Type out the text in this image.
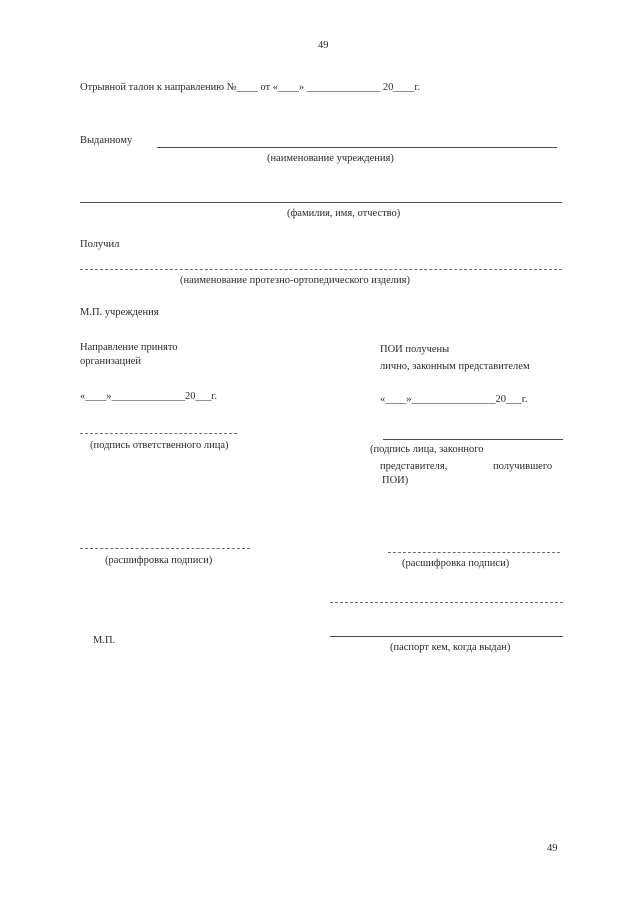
49
Отрывной талон к направлению №____ от «____» ______________ 20____г.
Выданному
(наименование учреждения)
(фамилия, имя, отчество)
Получил
(наименование протезно-ортопедического изделия)
М.П. учреждения
Направление принято
организацией
«____»______________20___г.
(подпись ответственного лица)
(расшифровка подписи)
М.П.
ПОИ получены
лично, законным представителем
«____»________________20___г.
(подпись лица, законного
представителя,	получившего
ПОИ)
(расшифровка подписи)
(паспорт кем, когда выдан)
49
